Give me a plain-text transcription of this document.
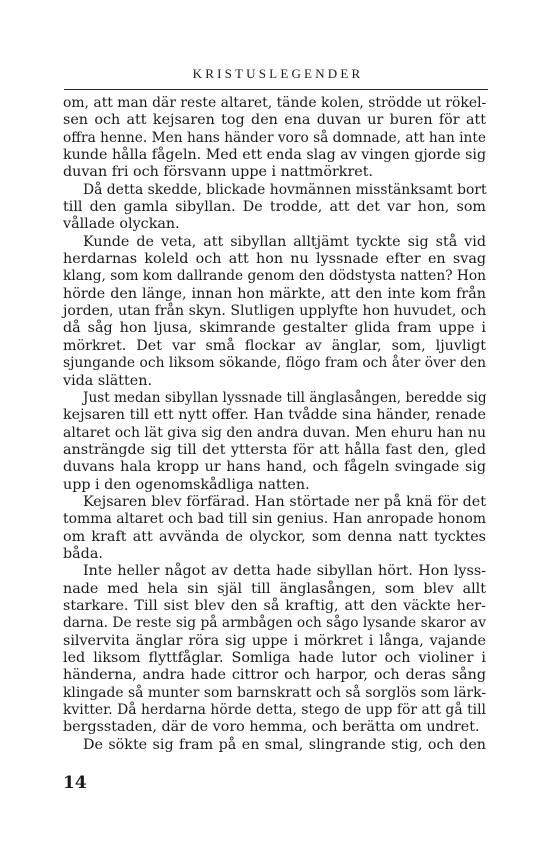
KRISTUSLEGENDER
om, att man där reste altaret, tände kolen, strödde ut rökel-
sen och att kejsaren tog den ena duvan ur buren för att
offra henne. Men hans händer voro så domnade, att han inte
kunde hålla fågeln. Med ett enda slag av vingen gjorde sig
duvan fri och försvann uppe i nattmörkret.
Då detta skedde, blickade hovmännen misstänksamt bort
till den gamla sibyllan. De trodde, att det var hon, som
vållade olyckan.
Kunde de veta, att sibyllan alltjämt tyckte sig stå vid
herdarnas koleld och att hon nu lyssnade efter en svag
klang, som kom dallrande genom den dödstysta natten? Hon
hörde den länge, innan hon märkte, att den inte kom från
jorden, utan från skyn. Slutligen upplyfte hon huvudet, och
då såg hon ljusa, skimrande gestalter glida fram uppe i
mörkret. Det var små flockar av änglar, som, ljuvligt
sjungande och liksom sökande, flögo fram och åter över den
vida slätten.
Just medan sibyllan lyssnade till änglasången, beredde sig
kejsaren till ett nytt offer. Han tvådde sina händer, renade
altaret och lät giva sig den andra duvan. Men ehuru han nu
ansträngde sig till det yttersta för att hålla fast den, gled
duvans hala kropp ur hans hand, och fågeln svingade sig
upp i den ogenomskådliga natten.
Kejsaren blev förfärad. Han störtade ner på knä för det
tomma altaret och bad till sin genius. Han anropade honom
om kraft att avvända de olyckor, som denna natt tycktes
båda.
Inte heller något av detta hade sibyllan hört. Hon lyss-
nade med hela sin själ till änglasången, som blev allt
starkare. Till sist blev den så kraftig, att den väckte her-
darna. De reste sig på armbågen och sågo lysande skaror av
silvervita änglar röra sig uppe i mörkret i långa, vajande
led liksom flyttfåglar. Somliga hade lutor och violiner i
händerna, andra hade cittror och harpor, och deras sång
klingade så munter som barnskratt och så sorglös som lärk-
kvitter. Då herdarna hörde detta, stego de upp för att gå till
bergsstaden, där de voro hemma, och berätta om undret.
De sökte sig fram på en smal, slingrande stig, och den
14
